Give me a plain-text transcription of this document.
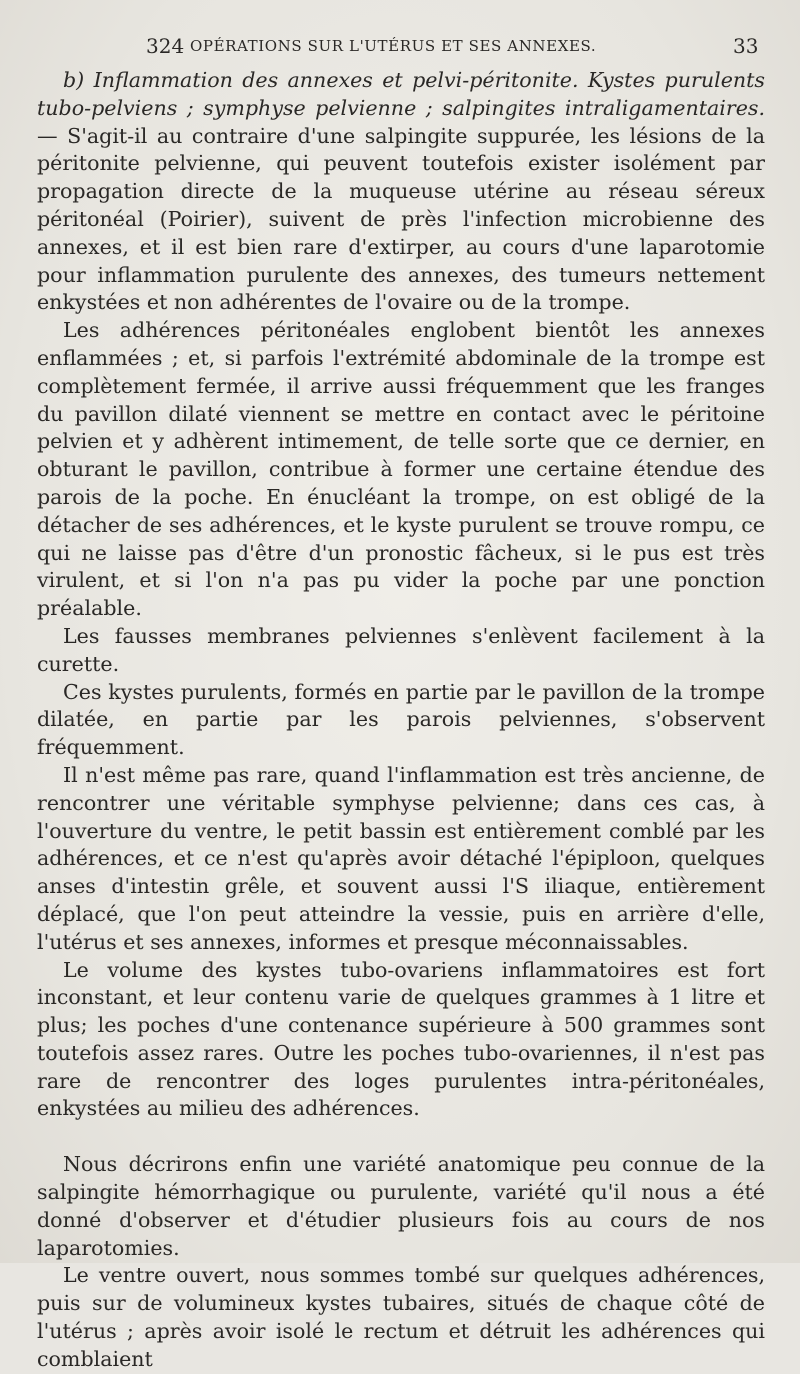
324 OPÉRATIONS SUR L'UTÉRUS ET SES ANNEXES.	33

b) Inflammation des annexes et pelvi-péritonite. Kystes purulents tubo-pelviens ; symphyse pelvienne ; salpingites intraligamentaires. — S'agit-il au contraire d'une salpingite suppurée, les lésions de la péritonite pelvienne, qui peuvent toutefois exister isolément par propagation directe de la muqueuse utérine au réseau séreux péritonéal (Poirier), suivent de près l'infection microbienne des annexes, et il est bien rare d'extirper, au cours d'une laparotomie pour inflammation purulente des annexes, des tumeurs nettement enkystées et non adhérentes de l'ovaire ou de la trompe.

Les adhérences péritonéales englobent bientôt les annexes enflammées ; et, si parfois l'extrémité abdominale de la trompe est complètement fermée, il arrive aussi fréquemment que les franges du pavillon dilaté viennent se mettre en contact avec le péritoine pelvien et y adhèrent intimement, de telle sorte que ce dernier, en obturant le pavillon, contribue à former une certaine étendue des parois de la poche. En énucléant la trompe, on est obligé de la détacher de ses adhérences, et le kyste purulent se trouve rompu, ce qui ne laisse pas d'être d'un pronostic fâcheux, si le pus est très virulent, et si l'on n'a pas pu vider la poche par une ponction préalable.

Les fausses membranes pelviennes s'enlèvent facilement à la curette.

Ces kystes purulents, formés en partie par le pavillon de la trompe dilatée, en partie par les parois pelviennes, s'observent fréquemment.

Il n'est même pas rare, quand l'inflammation est très ancienne, de rencontrer une véritable symphyse pelvienne; dans ces cas, à l'ouverture du ventre, le petit bassin est entièrement comblé par les adhérences, et ce n'est qu'après avoir détaché l'épiploon, quelques anses d'intestin grêle, et souvent aussi l'S iliaque, entièrement déplacé, que l'on peut atteindre la vessie, puis en arrière d'elle, l'utérus et ses annexes, informes et presque méconnaissables.

Le volume des kystes tubo-ovariens inflammatoires est fort inconstant, et leur contenu varie de quelques grammes à 1 litre et plus; les poches d'une contenance supérieure à 500 grammes sont toutefois assez rares. Outre les poches tubo-ovariennes, il n'est pas rare de rencontrer des loges purulentes intra-péritonéales, enkystées au milieu des adhérences.

Nous décrirons enfin une variété anatomique peu connue de la salpingite hémorrhagique ou purulente, variété qu'il nous a été donné d'observer et d'étudier plusieurs fois au cours de nos laparotomies.

Le ventre ouvert, nous sommes tombé sur quelques adhérences, puis sur de volumineux kystes tubaires, situés de chaque côté de l'utérus ; après avoir isolé le rectum et détruit les adhérences qui comblaient
